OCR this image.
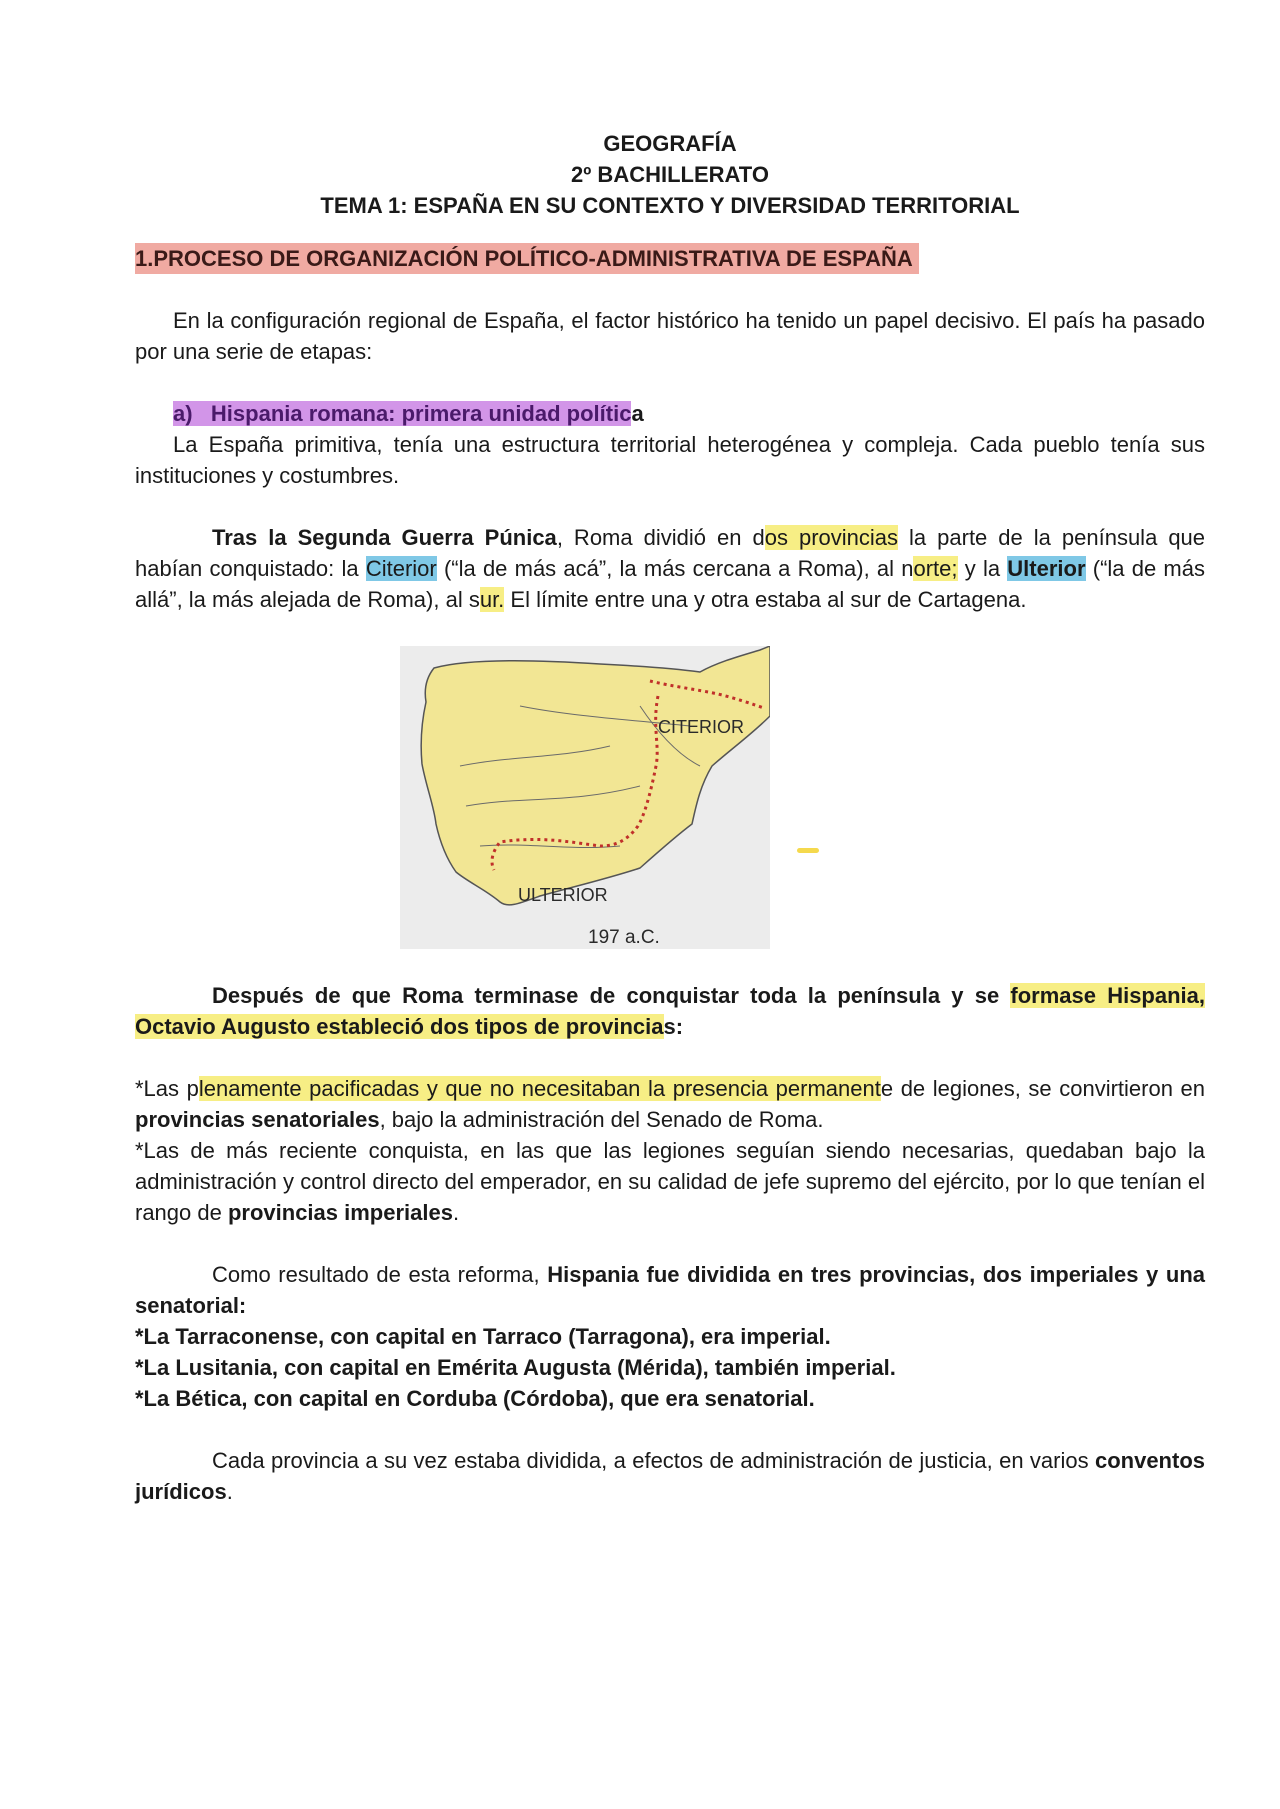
GEOGRAFÍA
2º BACHILLERATO
TEMA 1: ESPAÑA EN SU CONTEXTO Y DIVERSIDAD TERRITORIAL
1.PROCESO DE ORGANIZACIÓN POLÍTICO-ADMINISTRATIVA DE ESPAÑA

En la configuración regional de España, el factor histórico ha tenido un papel decisivo. El país ha pasado por una serie de etapas:

a) Hispania romana: primera unidad política

La España primitiva, tenía una estructura territorial heterogénea y compleja. Cada pueblo tenía sus instituciones y costumbres.

Tras la Segunda Guerra Púnica, Roma dividió en dos provincias la parte de la península que habían conquistado: la Citerior (“la de más acá”, la más cercana a Roma), al norte; y la Ulterior (“la de más allá”, la más alejada de Roma), al sur. El límite entre una y otra estaba al sur de Cartagena.

CITERIOR
ULTERIOR
197 a.C.

Después de que Roma terminase de conquistar toda la península y se formase Hispania, Octavio Augusto estableció dos tipos de provincias:

*Las plenamente pacificadas y que no necesitaban la presencia permanente de legiones, se convirtieron en provincias senatoriales, bajo la administración del Senado de Roma.

*Las de más reciente conquista, en las que las legiones seguían siendo necesarias, quedaban bajo la administración y control directo del emperador, en su calidad de jefe supremo del ejército, por lo que tenían el rango de provincias imperiales.

Como resultado de esta reforma, Hispania fue dividida en tres provincias, dos imperiales y una senatorial:

*La Tarraconense, con capital en Tarraco (Tarragona), era imperial.

*La Lusitania, con capital en Emérita Augusta (Mérida), también imperial.

*La Bética, con capital en Corduba (Córdoba), que era senatorial.

Cada provincia a su vez estaba dividida, a efectos de administración de justicia, en varios conventos jurídicos.
